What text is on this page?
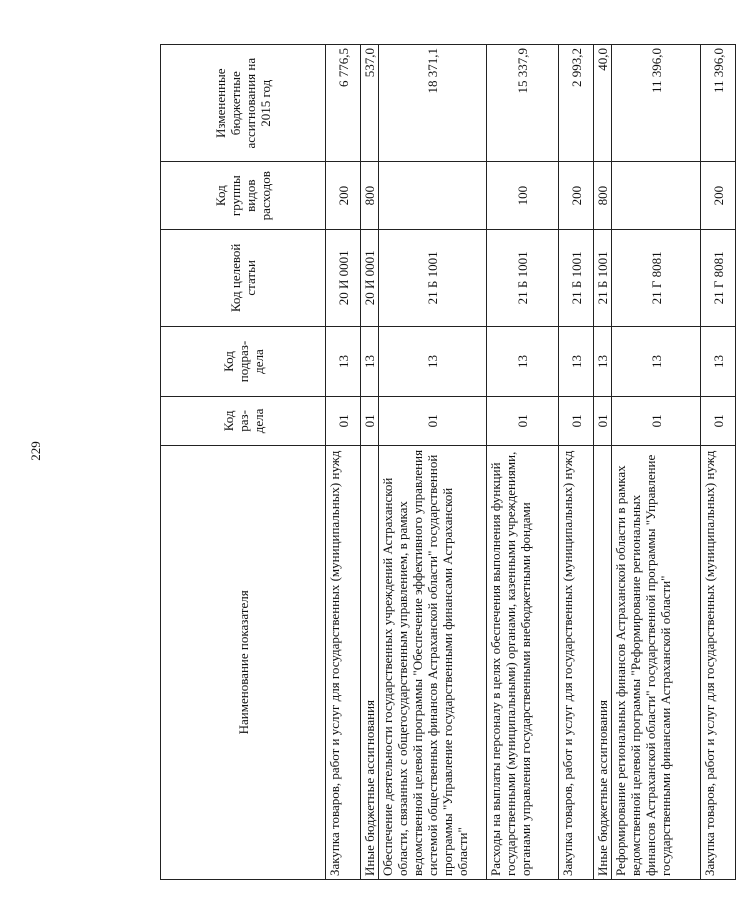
229
Наименование показателя	Код раз-дела	Код подраз-дела	Код целевой статьи	Код группы видов расходов	Измененные бюджетные ассигнования на 2015 год
Закупка товаров, работ и услуг для государственных (муниципальных) нужд	01	13	20 И 0001	200	6 776,5
Иные бюджетные ассигнования	01	13	20 И 0001	800	537,0
Обеспечение деятельности государственных учреждений Астраханской области, связанных с общегосударственным управлением, в рамках ведомственной целевой программы "Обеспечение эффективного управления системой общественных финансов Астраханской области" государственной программы "Управление государственными финансами Астраханской области"	01	13	21 Б 1001		18 371,1
Расходы на выплаты персоналу в целях обеспечения выполнения функций государственными (муниципальными) органами, казенными учреждениями, органами управления государственными внебюджетными фондами	01	13	21 Б 1001	100	15 337,9
Закупка товаров, работ и услуг для государственных (муниципальных) нужд	01	13	21 Б 1001	200	2 993,2
Иные бюджетные ассигнования	01	13	21 Б 1001	800	40,0
Реформирование региональных финансов Астраханской области в рамках ведомственной целевой программы "Реформирование региональных финансов Астраханской области" государственной программы "Управление государственными финансами Астраханской области"	01	13	21 Г 8081		11 396,0
Закупка товаров, работ и услуг для государственных (муниципальных) нужд	01	13	21 Г 8081	200	11 396,0
